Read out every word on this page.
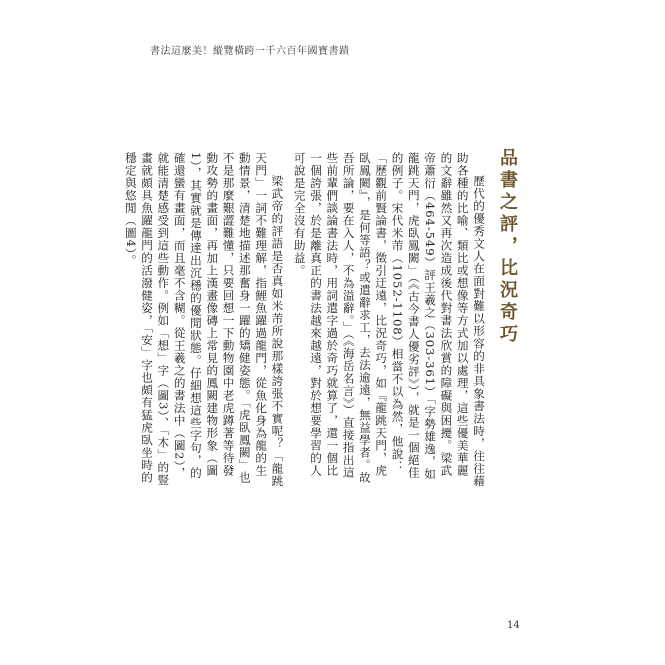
書法這麼美！縱覽橫跨一千六百年國寶書蹟
品書之評，比況奇巧

歷代的優秀文人在面對難以形容的非具象書法時，往往藉助各種的比喻、類比或想像等方式加以處理，這些優美華麗的文辭雖然又再次造成後代對書法欣賞的障礙與困擾。梁武帝蕭衍（464-549）評王羲之（303-361）「字勢雄逸，如龍跳天門，虎臥鳳闕」（《古今書人優劣評》），就是一個絕佳的例子。宋代米芾（1052-1108）相當不以為然，他說：「歷觀前賢論書，徵引迂遠，比況奇巧，如『龍跳天門，虎臥鳳闕』，是何等語？或遣辭求工，去法逾遠，無益學者。故吾所論，要在入人，不為溢辭。」（《海岳名言》）直接指出這些前輩們談論書法時，用詞遣字過於奇巧就算了，還一個比一個誇張，於是離真正的書法越來越遠，對於想要學習的人可說是完全沒有助益。

梁武帝的評語是否真如米芾所說那樣誇張不實呢？「龍跳天門」一詞不難理解，指鯉魚躍過龍門，從魚化身為龍的生動情景，清楚地描述那奮身一躍的矯健姿態。「虎臥鳳闕」也不是那麼艱澀難懂，只要回想一下動物園中老虎蹲著等待發動攻勢的畫面，再加上漢畫像磚上常見的鳳闕建物形象（圖1），其實就是傳達出沉穩的優閒狀態。仔細想這些字句，的確還蠻有畫面，而且毫不含糊。從王羲之的書法中（圖2），就能清楚感受到這些動作。例如「想」字（圖3）、「木」的豎畫就頗具魚躍龍門的活潑健姿，「安」字也頗有猛虎臥坐時的穩定與悠閒（圖4）。

14
